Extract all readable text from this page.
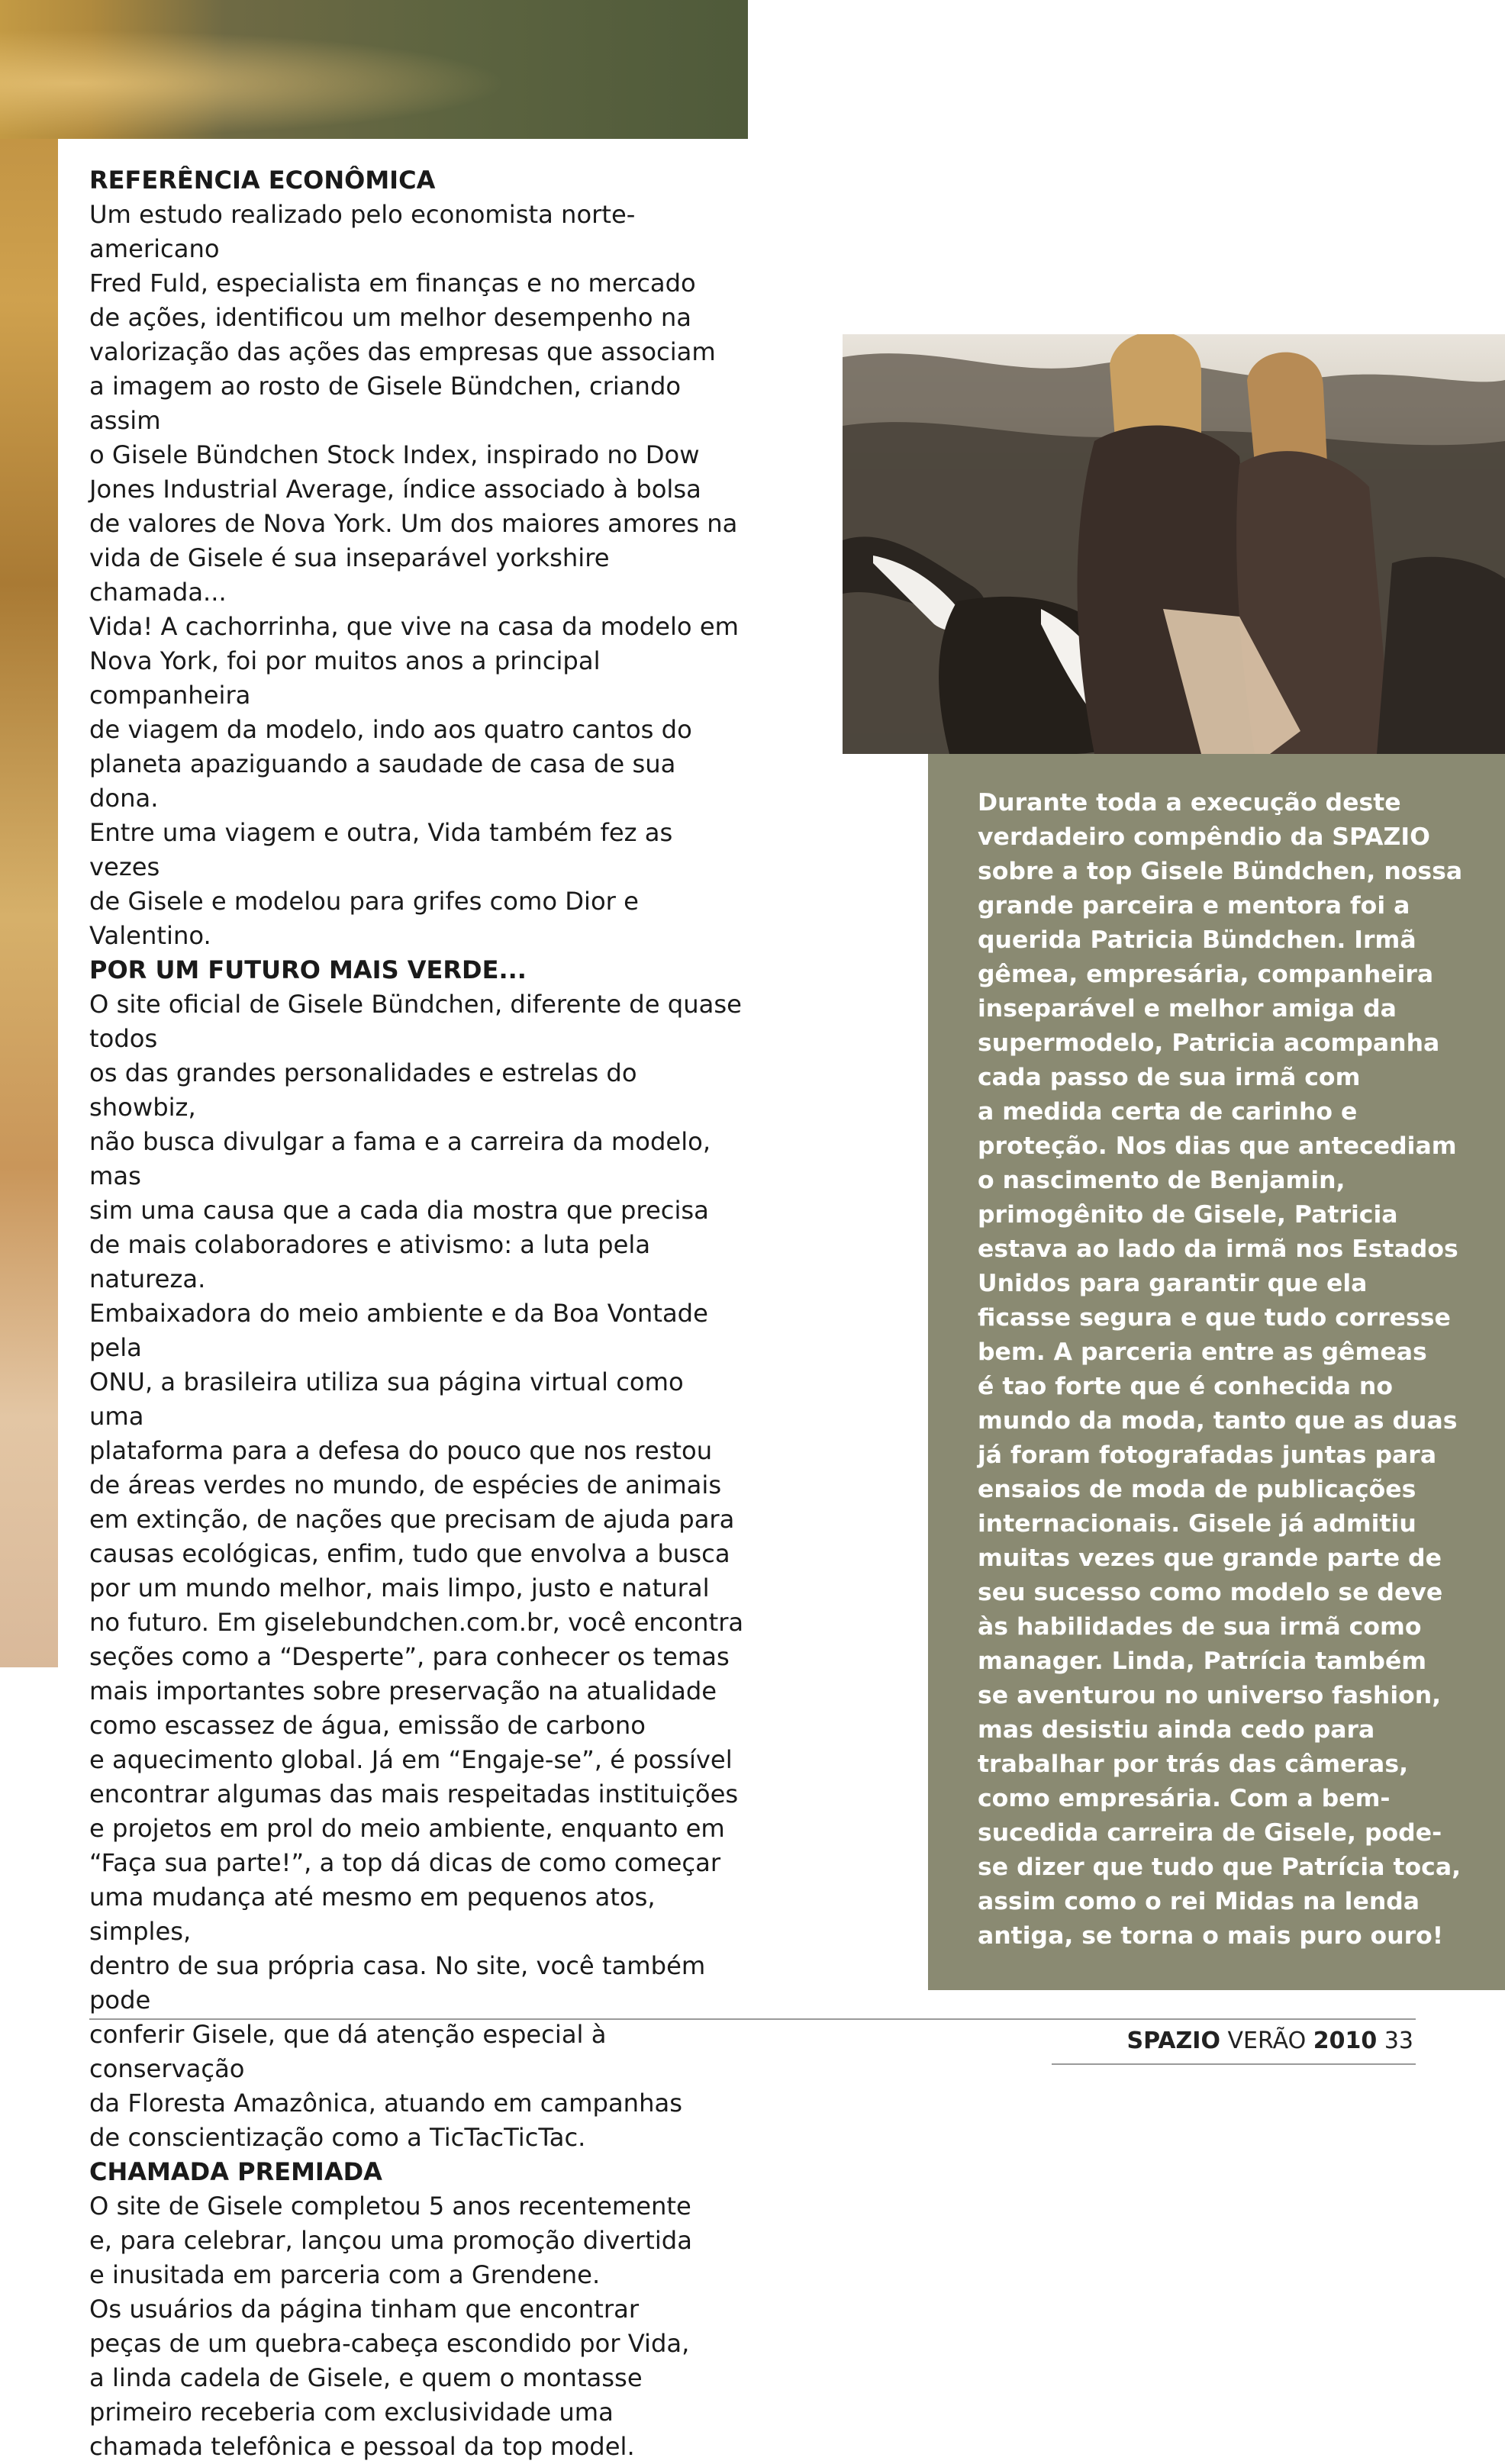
REFERÊNCIA ECONÔMICA

Um estudo realizado pelo economista norte-americano
Fred Fuld, especialista em finanças e no mercado
de ações, identificou um melhor desempenho na
valorização das ações das empresas que associam
a imagem ao rosto de Gisele Bündchen, criando assim
o Gisele Bündchen Stock Index, inspirado no Dow
Jones Industrial Average, índice associado à bolsa
de valores de Nova York. Um dos maiores amores na
vida de Gisele é sua inseparável yorkshire chamada...
Vida! A cachorrinha, que vive na casa da modelo em
Nova York, foi por muitos anos a principal companheira
de viagem da modelo, indo aos quatro cantos do
planeta apaziguando a saudade de casa de sua dona.
Entre uma viagem e outra, Vida também fez as vezes
de Gisele e modelou para grifes como Dior e Valentino.

POR UM FUTURO MAIS VERDE...

O site oficial de Gisele Bündchen, diferente de quase todos
os das grandes personalidades e estrelas do showbiz,
não busca divulgar a fama e a carreira da modelo, mas
sim uma causa que a cada dia mostra que precisa
de mais colaboradores e ativismo: a luta pela natureza.
Embaixadora do meio ambiente e da Boa Vontade pela
ONU, a brasileira utiliza sua página virtual como uma
plataforma para a defesa do pouco que nos restou
de áreas verdes no mundo, de espécies de animais
em extinção, de nações que precisam de ajuda para
causas ecológicas, enfim, tudo que envolva a busca
por um mundo melhor, mais limpo, justo e natural
no futuro. Em giselebundchen.com.br, você encontra
seções como a “Desperte”, para conhecer os temas
mais importantes sobre preservação na atualidade
como escassez de água, emissão de carbono
e aquecimento global. Já em “Engaje-se”, é possível
encontrar algumas das mais respeitadas instituições
e projetos em prol do meio ambiente, enquanto em
“Faça sua parte!”, a top dá dicas de como começar
uma mudança até mesmo em pequenos atos, simples,
dentro de sua própria casa. No site, você também pode
conferir Gisele, que dá atenção especial à conservação
da Floresta Amazônica, atuando em campanhas
de conscientização como a TicTacTicTac.

CHAMADA PREMIADA

O site de Gisele completou 5 anos recentemente
e, para celebrar, lançou uma promoção divertida
e inusitada em parceria com a Grendene.
Os usuários da página tinham que encontrar
peças de um quebra-cabeça escondido por Vida,
a linda cadela de Gisele, e quem o montasse
primeiro receberia com exclusividade uma
chamada telefônica e pessoal da top model.

Durante toda a execução deste
verdadeiro compêndio da SPAZIO
sobre a top Gisele Bündchen, nossa
grande parceira e mentora foi a
querida Patricia Bündchen. Irmã
gêmea, empresária, companheira
inseparável e melhor amiga da
supermodelo, Patricia acompanha
cada passo de sua irmã com
a medida certa de carinho e
proteção. Nos dias que antecediam
o nascimento de Benjamin,
primogênito de Gisele, Patricia
estava ao lado da irmã nos Estados
Unidos para garantir que ela
ficasse segura e que tudo corresse
bem. A parceria entre as gêmeas
é tao forte que é conhecida no
mundo da moda, tanto que as duas
já foram fotografadas juntas para
ensaios de moda de publicações
internacionais. Gisele já admitiu
muitas vezes que grande parte de
seu sucesso como modelo se deve
às habilidades de sua irmã como
manager. Linda, Patrícia também
se aventurou no universo fashion,
mas desistiu ainda cedo para
trabalhar por trás das câmeras,
como empresária. Com a bem-
sucedida carreira de Gisele, pode-
se dizer que tudo que Patrícia toca,
assim como o rei Midas na lenda
antiga, se torna o mais puro ouro!

SPAZIO VERÃO 2010 33
